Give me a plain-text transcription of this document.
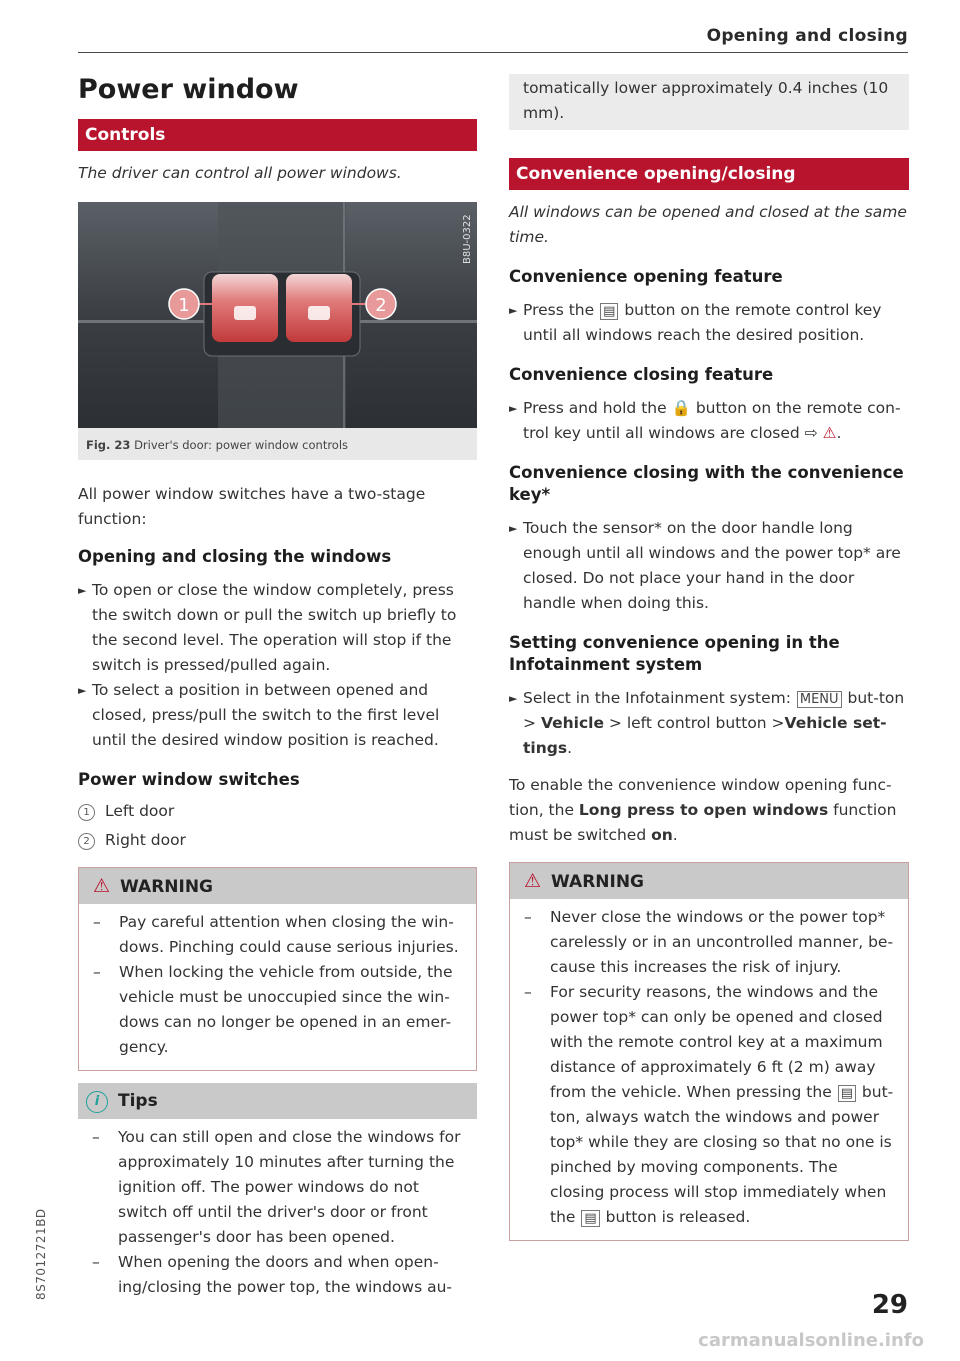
Opening and closing
Power window
Controls

The driver can control all power windows.

1	2
B8U-0322
Fig. 23 Driver's door: power window controls

All power window switches have a two-stage function:

Opening and closing the windows
► To open or close the window completely, press the switch down or pull the switch up briefly to the second level. The operation will stop if the switch is pressed/pulled again.
► To select a position in between opened and closed, press/pull the switch to the first level until the desired window position is reached.
Power window switches
1 Left door
2 Right door
⚠ WARNING
– Pay careful attention when closing the win-dows. Pinching could cause serious injuries.
– When locking the vehicle from outside, the vehicle must be unoccupied since the win-dows can no longer be opened in an emer-gency.
i Tips
– You can still open and close the windows for approximately 10 minutes after turning the ignition off. The power windows do not switch off until the driver's door or front passenger's door has been opened.
– When opening the doors and when open-ing/closing the power top, the windows au-

tomatically lower approximately 0.4 inches (10 mm).

Convenience opening/closing

All windows can be opened and closed at the same time.

Convenience opening feature
► Press the ▤ button on the remote control key until all windows reach the desired position.
Convenience closing feature
► Press and hold the 🔒 button on the remote con-trol key until all windows are closed ⇨ ⚠.
Convenience closing with the convenience key*
► Touch the sensor* on the door handle long enough until all windows and the power top* are closed. Do not place your hand in the door handle when doing this.
Setting convenience opening in the Infotainment system
► Select in the Infotainment system: MENU but-ton > Vehicle > left control button >Vehicle set-tings.

To enable the convenience window opening func-tion, the Long press to open windows function must be switched on.

⚠ WARNING
– Never close the windows or the power top* carelessly or in an uncontrolled manner, be-cause this increases the risk of injury.
– For security reasons, the windows and the power top* can only be opened and closed with the remote control key at a maximum distance of approximately 6 ft (2 m) away from the vehicle. When pressing the ▤ but-ton, always watch the windows and power top* while they are closing so that no one is pinched by moving components. The closing process will stop immediately when the ▤ button is released.
8S7012721BD
29
carmanualsonline.info
